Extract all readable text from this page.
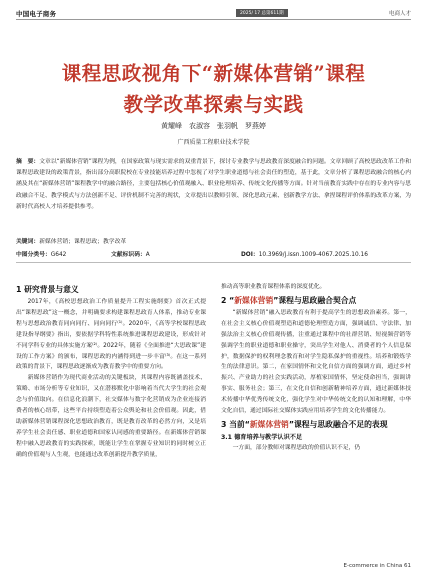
中国电子商务	2025/ 17 总第611期	电商人才
课程思政视角下“新媒体营销”课程
教学改革探索与实践
黄耀峰　农淑容　张羽帆　罗燕婷
广西质量工程职业技术学院
摘　要：文章以“新媒体营销”课程为例，在国家政策与现实需求的双重背景下，探讨专业教学与思政教育深度融合的问题。文章回顾了高校思政改革工作和课程思政建设的政策背景，指出部分高职院校在专业技能培养过程中忽视了对学生职业道德与社会责任的塑造，基于此，文章分析了课程思政融合的核心内涵及其在“新媒体营销”课程教学中的融合路径，主要包括核心价值观融入、职业伦理培养、传统文化传播等方面。针对当前教育实践中存在的专业内容与思政融合不足、教学模式与方法创新不足、评价机制不完善的现状，文章提出以教师引领、深化思政元素、创新教学方法、拿捏课程评价体系的改革方案，为新时代高校人才培养提供参考。
关键词：新媒体营销；课程思政；教学改革
中图分类号：G642	文献标识码：A	DOI：10.3969/j.issn.1009-4067.2025.10.16
1 研究背景与意义

2017年，《高校思想政治工作质量提升工程实施纲要》首次正式提出“课程思政”这一概念，并明确要求构建课程思政育人体系，推动专业课程与思想政治教育同向同行、同向同行⁽¹⁾。2020年，《高等学校课程思政建设指导纲要》指出，要依据学科特性系统推进课程思政建设，形成针对不同学科专业的具体实施方案⁽²⁾。2022年，随着《全面推进“大思政课”建设的工作方案》的颁布，课程思政的内涵得到进一步丰富⁽³⁾。在这一系列政策的背景下，课程思政逐渐成为教育教学中的重要方向。

新媒体营销作为现代商业活动的关键板块，其课程内容既涵盖技术、策略、市场分析等专业知识，又在潜移默化中影响着当代大学生的社会观念与价值取向。在信息化浪潮下，社交媒体与数字化营销成为企业连接消费者的核心纽带，这些平台持续塑造着公众舆论和社会价值观。因此，借助新媒体营销课程深化思想政治教育，既是教育改革的必然方向，又是培养学生社会责任感、职业道德和国家认同感的重要路径。在新媒体营销课程中融入思政教育的实践探索，既能让学生在掌握专业知识的同时树立正确的价值观与人生观，也能通过改革创新提升教学质量，

推动高等职业教育课程体系的深度优化。

2 “新媒体营销”课程与思政融合契合点

“新媒体营销”融入思政教育有利于提高学生的思想政治素养。第一，在社会主义核心价值观塑造和道德伦理塑造方面，强调诚信、守法律、加强法治主义核心价值观传播，注重通过课程中的社群营销、短视频营销等强调学生的职业道德和职业操守，突出学生对他人、消费者的个人信息保护，数据保护的权利理念教育和对学生隐私保护的重视性。培养和锻炼学生的法律意识。第二，在家国情怀和文化自信方面的强调方面，通过乡村振兴、产业助力的社会实践活动，厚植家国情怀，坚定使命担当，强调讲事实、服务社会；第三，在文化自信和创新精神培养方面，通过新媒体技术传播中华优秀传统文化，强化学生对中华传统文化的认知和理解，中华文化自信，通过国际社交媒体实践应用培养学生的文化传播能力。

3 当前“新媒体营销”课程与思政融合不足的表现
3.1 德育培养与教学认识不足

一方面，部分教师对课程思政的价值认识不足，仍

E-commerce in China 61
